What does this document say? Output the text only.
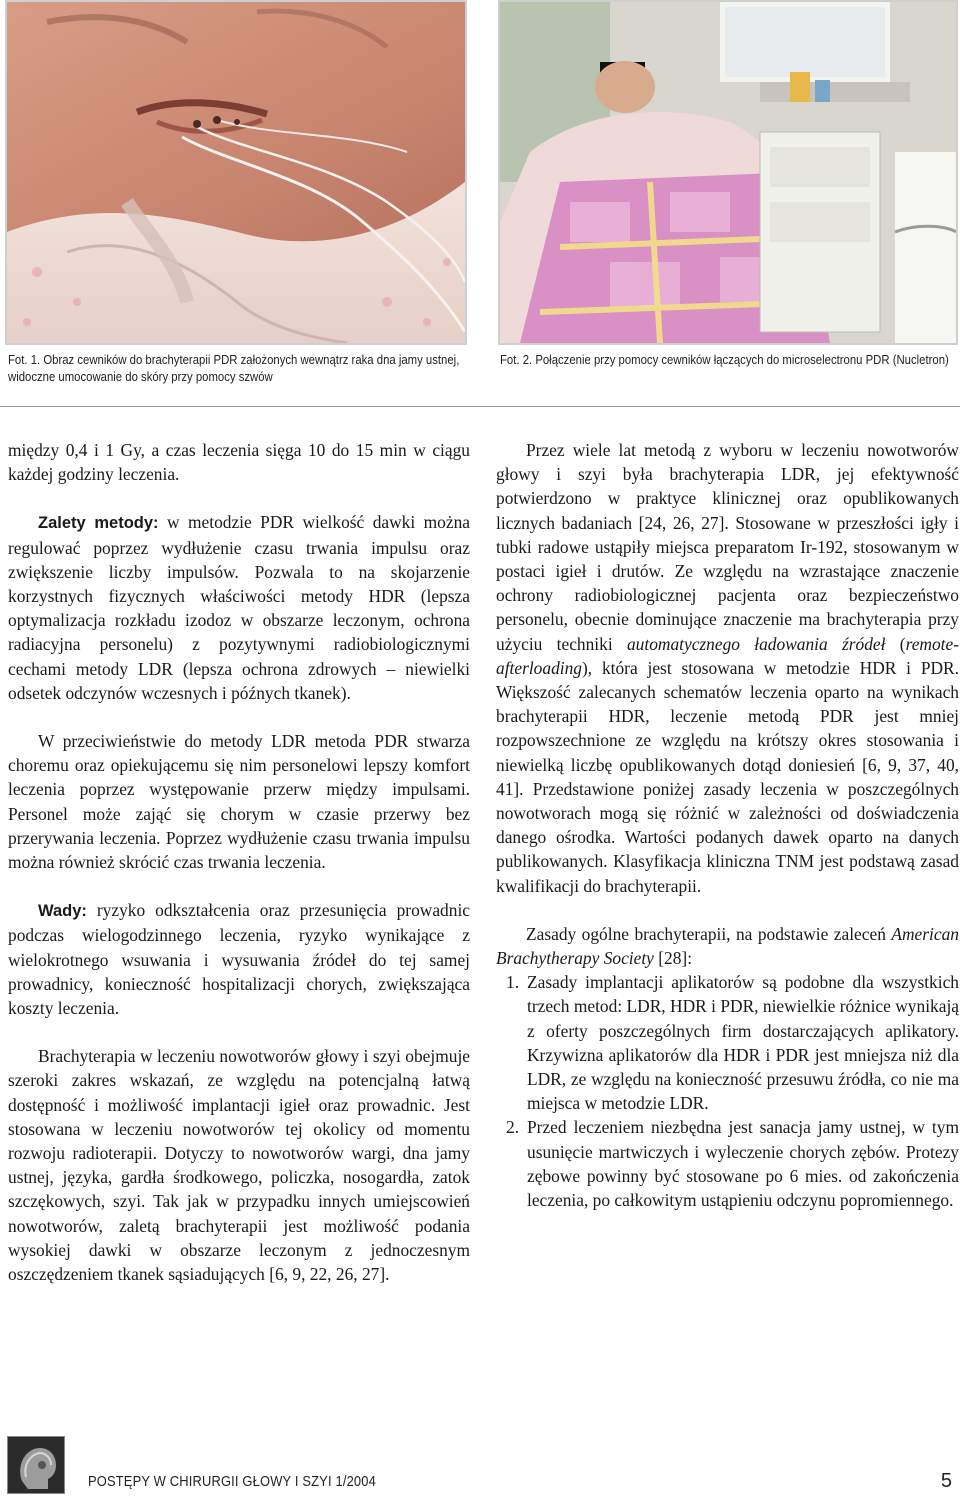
Fot. 1. Obraz cewników do brachyterapii PDR założonych wewnątrz raka dna jamy ustnej, widoczne umocowanie do skóry przy pomocy szwów
Fot. 2. Połączenie przy pomocy cewników łączących do microselectronu PDR (Nucletron)

między 0,4 i 1 Gy, a czas leczenia sięga 10 do 15 min w ciągu każdej godziny leczenia.

Zalety metody: w metodzie PDR wielkość dawki można regulować poprzez wydłużenie czasu trwania impulsu oraz zwiększenie liczby impulsów. Pozwala to na skojarzenie korzystnych fizycznych właściwości metody HDR (lepsza optymalizacja rozkładu izodoz w obszarze leczonym, ochrona radiacyjna personelu) z pozytywnymi radiobiologicznymi cechami metody LDR (lepsza ochrona zdrowych – niewielki odsetek odczynów wczesnych i późnych tkanek).

W przeciwieństwie do metody LDR metoda PDR stwarza choremu oraz opiekującemu się nim personelowi lepszy komfort leczenia poprzez występowanie przerw między impulsami. Personel może zająć się chorym w czasie przerwy bez przerywania leczenia. Poprzez wydłużenie czasu trwania impulsu można również skrócić czas trwania leczenia.

Wady: ryzyko odkształcenia oraz przesunięcia prowadnic podczas wielogodzinnego leczenia, ryzyko wynikające z wielokrotnego wsuwania i wysuwania źródeł do tej samej prowadnicy, konieczność hospitalizacji chorych, zwiększająca koszty leczenia.

Brachyterapia w leczeniu nowotworów głowy i szyi obejmuje szeroki zakres wskazań, ze względu na potencjalną łatwą dostępność i możliwość implantacji igieł oraz prowadnic. Jest stosowana w leczeniu nowotworów tej okolicy od momentu rozwoju radioterapii. Dotyczy to nowotworów wargi, dna jamy ustnej, języka, gardła środkowego, policzka, nosogardła, zatok szczękowych, szyi. Tak jak w przypadku innych umiejscowień nowotworów, zaletą brachyterapii jest możliwość podania wysokiej dawki w obszarze leczonym z jednoczesnym oszczędzeniem tkanek sąsiadujących [6, 9, 22, 26, 27].

Przez wiele lat metodą z wyboru w leczeniu nowotworów głowy i szyi była brachyterapia LDR, jej efektywność potwierdzono w praktyce klinicznej oraz opublikowanych licznych badaniach [24, 26, 27]. Stosowane w przeszłości igły i tubki radowe ustąpiły miejsca preparatom Ir-192, stosowanym w postaci igieł i drutów. Ze względu na wzrastające znaczenie ochrony radiobiologicznej pacjenta oraz bezpieczeństwo personelu, obecnie dominujące znaczenie ma brachyterapia przy użyciu techniki automatycznego ładowania źródeł (remote-afterloading), która jest stosowana w metodzie HDR i PDR. Większość zalecanych schematów leczenia oparto na wynikach brachyterapii HDR, leczenie metodą PDR jest mniej rozpowszechnione ze względu na krótszy okres stosowania i niewielką liczbę opublikowanych dotąd doniesień [6, 9, 37, 40, 41]. Przedstawione poniżej zasady leczenia w poszczególnych nowotworach mogą się różnić w zależności od doświadczenia danego ośrodka. Wartości podanych dawek oparto na danych publikowanych. Klasyfikacja kliniczna TNM jest podstawą zasad kwalifikacji do brachyterapii.

Zasady ogólne brachyterapii, na podstawie zaleceń American Brachytherapy Society [28]:

1. Zasady implantacji aplikatorów są podobne dla wszystkich trzech metod: LDR, HDR i PDR, niewielkie różnice wynikają z oferty poszczególnych firm dostarczających aplikatory. Krzywizna aplikatorów dla HDR i PDR jest mniejsza niż dla LDR, ze względu na konieczność przesuwu źródła, co nie ma miejsca w metodzie LDR.
2. Przed leczeniem niezbędna jest sanacja jamy ustnej, w tym usunięcie martwiczych i wyleczenie chorych zębów. Protezy zębowe powinny być stosowane po 6 mies. od zakończenia leczenia, po całkowitym ustąpieniu odczynu popromiennego.
POSTĘPY W CHIRURGII GŁOWY I SZYI 1/2004	5
